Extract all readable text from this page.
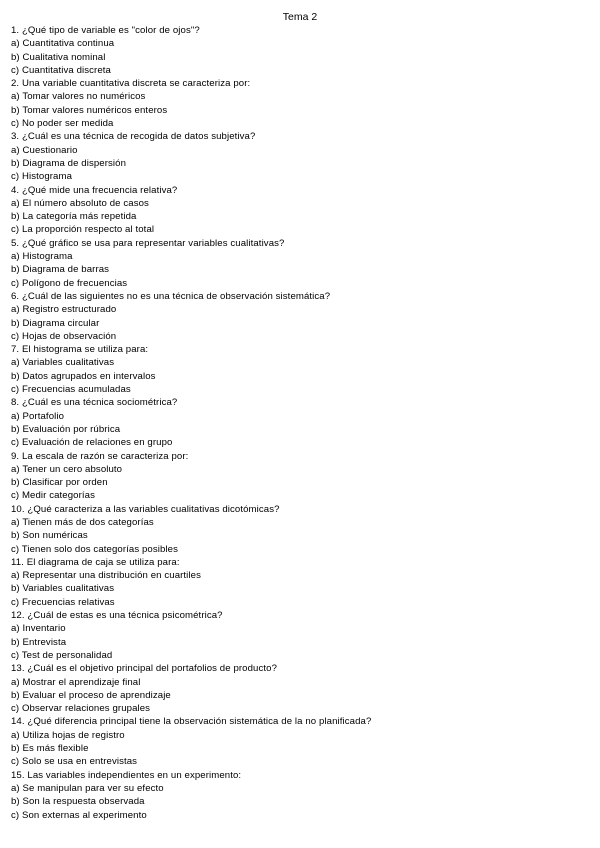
Tema 2
1. ¿Qué tipo de variable es "color de ojos"?
a) Cuantitativa continua
b) Cualitativa nominal
c) Cuantitativa discreta
2. Una variable cuantitativa discreta se caracteriza por:
a) Tomar valores no numéricos
b) Tomar valores numéricos enteros
c) No poder ser medida
3. ¿Cuál es una técnica de recogida de datos subjetiva?
a) Cuestionario
b) Diagrama de dispersión
c) Histograma
4. ¿Qué mide una frecuencia relativa?
a) El número absoluto de casos
b) La categoría más repetida
c) La proporción respecto al total
5. ¿Qué gráfico se usa para representar variables cualitativas?
a) Histograma
b) Diagrama de barras
c) Polígono de frecuencias
6. ¿Cuál de las siguientes no es una técnica de observación sistemática?
a) Registro estructurado
b) Diagrama circular
c) Hojas de observación
7. El histograma se utiliza para:
a) Variables cualitativas
b) Datos agrupados en intervalos
c) Frecuencias acumuladas
8. ¿Cuál es una técnica sociométrica?
a) Portafolio
b) Evaluación por rúbrica
c) Evaluación de relaciones en grupo
9. La escala de razón se caracteriza por:
a) Tener un cero absoluto
b) Clasificar por orden
c) Medir categorías
10. ¿Qué caracteriza a las variables cualitativas dicotómicas?
a) Tienen más de dos categorías
b) Son numéricas
c) Tienen solo dos categorías posibles
11. El diagrama de caja se utiliza para:
a) Representar una distribución en cuartiles
b) Variables cualitativas
c) Frecuencias relativas
12. ¿Cuál de estas es una técnica psicométrica?
a) Inventario
b) Entrevista
c) Test de personalidad
13. ¿Cuál es el objetivo principal del portafolios de producto?
a) Mostrar el aprendizaje final
b) Evaluar el proceso de aprendizaje
c) Observar relaciones grupales
14. ¿Qué diferencia principal tiene la observación sistemática de la no planificada?
a) Utiliza hojas de registro
b) Es más flexible
c) Solo se usa en entrevistas
15. Las variables independientes en un experimento:
a) Se manipulan para ver su efecto
b) Son la respuesta observada
c) Son externas al experimento
